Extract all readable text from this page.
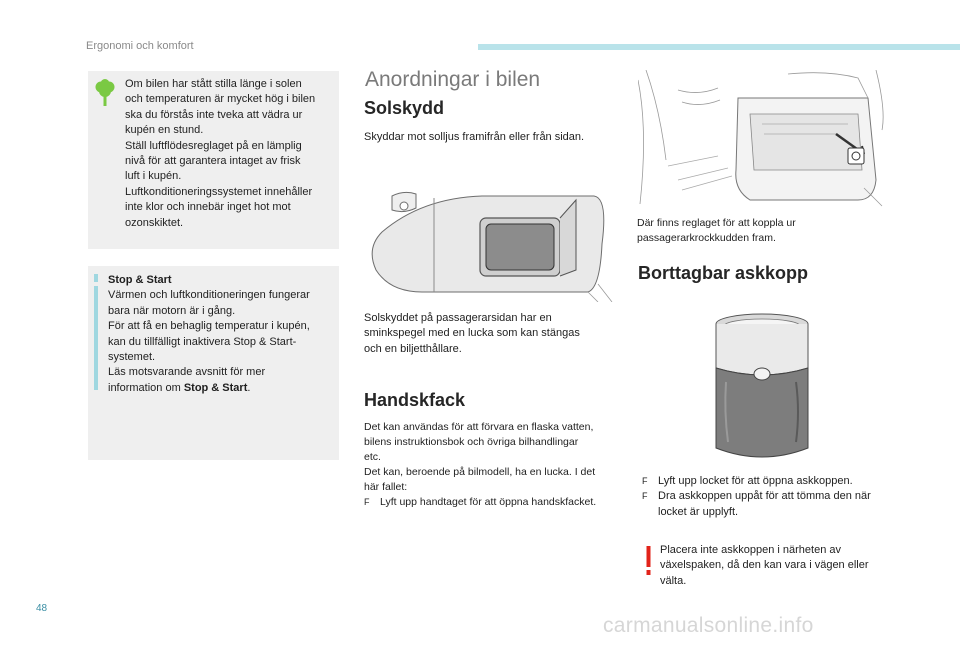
Ergonomi och komfort

Om bilen har stått stilla länge i solen

och temperaturen är mycket hög i bilen

ska du förstås inte tveka att vädra ur

kupén en stund.

Ställ luftflödesreglaget på en lämplig

nivå för att garantera intaget av frisk

luft i kupén.

Luftkonditioneringssystemet innehåller

inte klor och innebär inget hot mot

ozonskiktet.

Stop & Start

Värmen och luftkonditioneringen fungerar

bara när motorn är i gång.

För att få en behaglig temperatur i kupén,

kan du tillfälligt inaktivera Stop & Start-

systemet.

Läs motsvarande avsnitt för mer

information om Stop & Start.

Anordningar i bilen
Solskydd
Skyddar mot solljus framifrån eller från sidan.

Solskyddet på passagerarsidan har en

sminkspegel med en lucka som kan stängas

och en biljetthållare.

Handskfack

Det kan användas för att förvara en flaska vatten,

bilens instruktionsbok och övriga bilhandlingar

etc.

Det kan, beroende på bilmodell, ha en lucka. I det

här fallet:

F	Lyft upp handtaget för att öppna handskfacket.

Där finns reglaget för att koppla ur

passagerarkrockkudden fram.

Borttagbar askkopp
F Lyft upp locket för att öppna askkoppen.
F Dra askkoppen uppåt för att tömma den när
locket är upplyft.

Placera inte askkoppen i närheten av

växelspaken, då den kan vara i vägen eller

välta.

48
carmanualsonline.info
